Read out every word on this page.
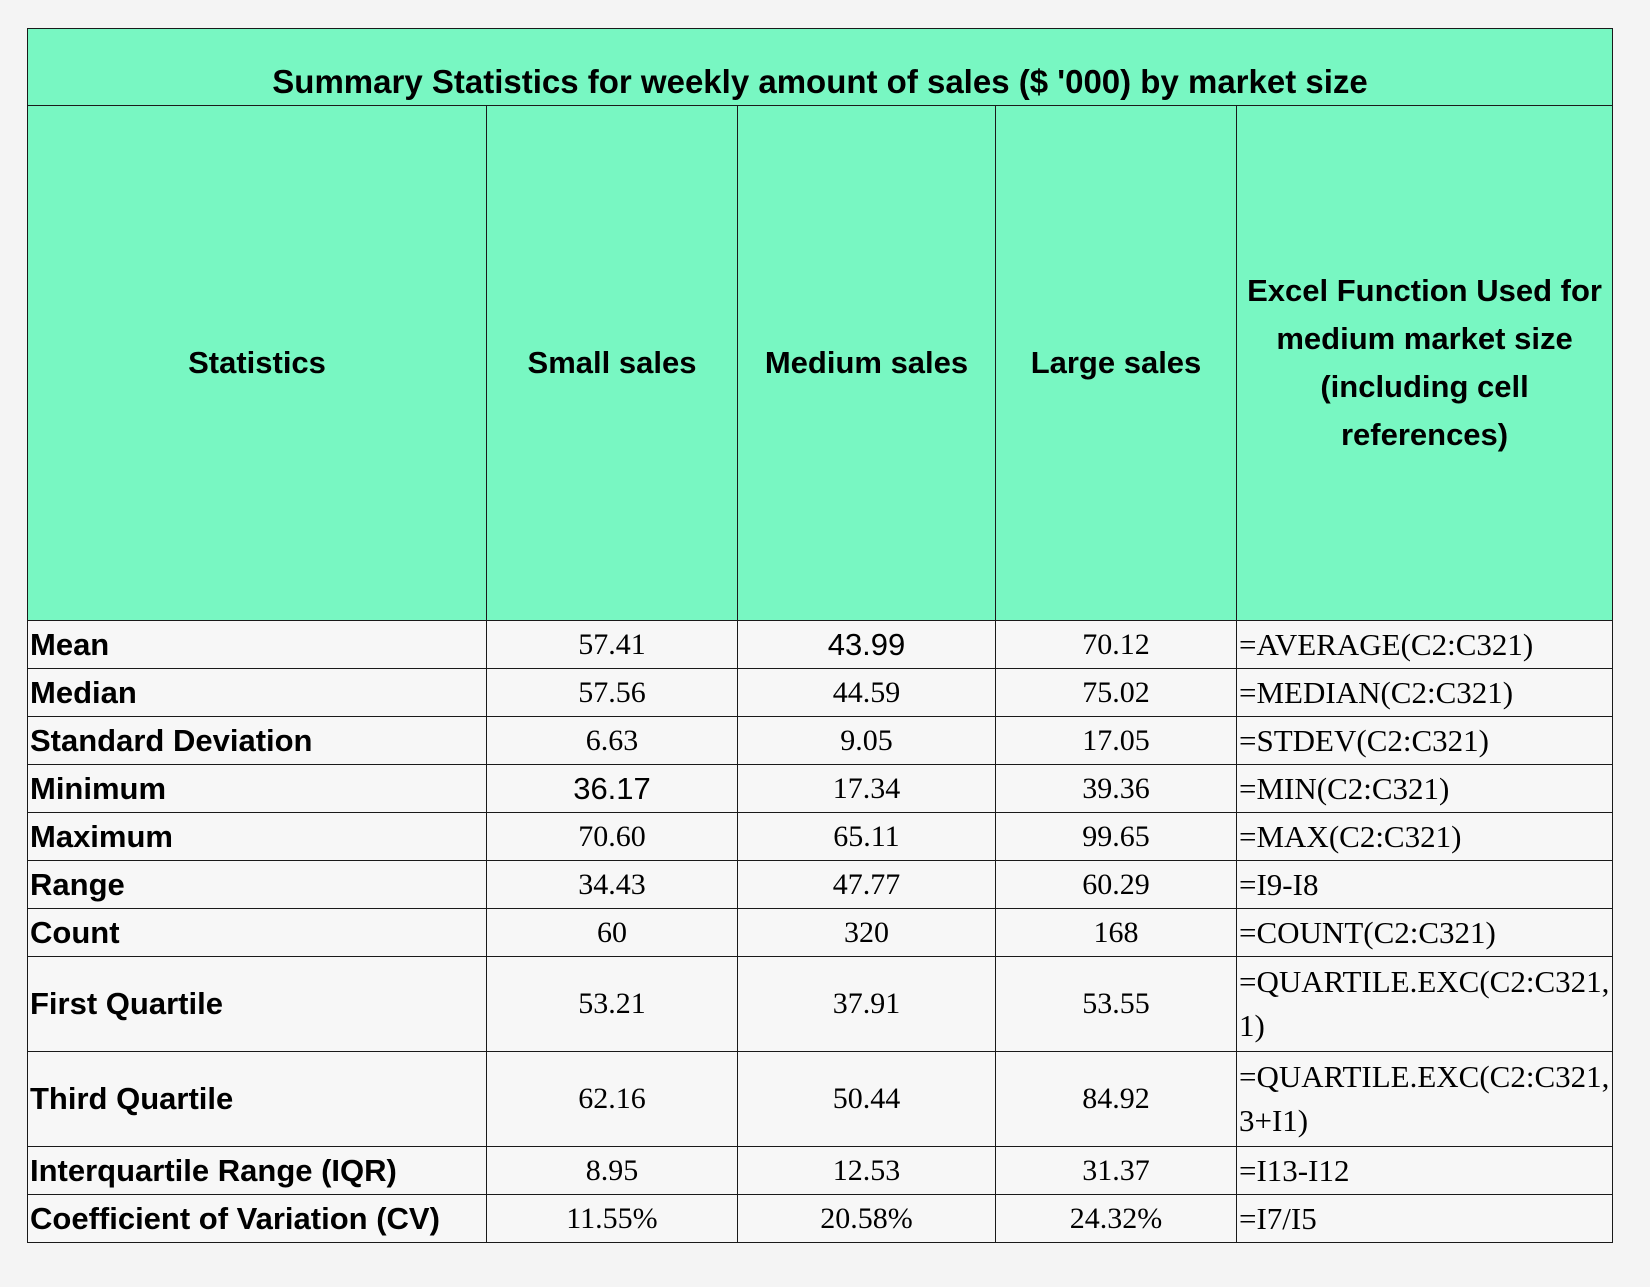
Summary Statistics for weekly amount of sales ($ '000) by market size				
Statistics	Small sales	Medium sales	Large sales	Excel Function Used for medium market size (including cell references)
Mean	57.41	43.99	70.12	=AVERAGE(C2:C321)
Median	57.56	44.59	75.02	=MEDIAN(C2:C321)
Standard Deviation	6.63	9.05	17.05	=STDEV(C2:C321)
Minimum	36.17	17.34	39.36	=MIN(C2:C321)
Maximum	70.60	65.11	99.65	=MAX(C2:C321)
Range	34.43	47.77	60.29	=I9-I8
Count	60	320	168	=COUNT(C2:C321)
First Quartile	53.21	37.91	53.55	=QUARTILE.EXC(C2:C321,1)
Third Quartile	62.16	50.44	84.92	=QUARTILE.EXC(C2:C321,3+I1)
Interquartile Range (IQR)	8.95	12.53	31.37	=I13-I12
Coefficient of Variation (CV)	11.55%	20.58%	24.32%	=I7/I5
